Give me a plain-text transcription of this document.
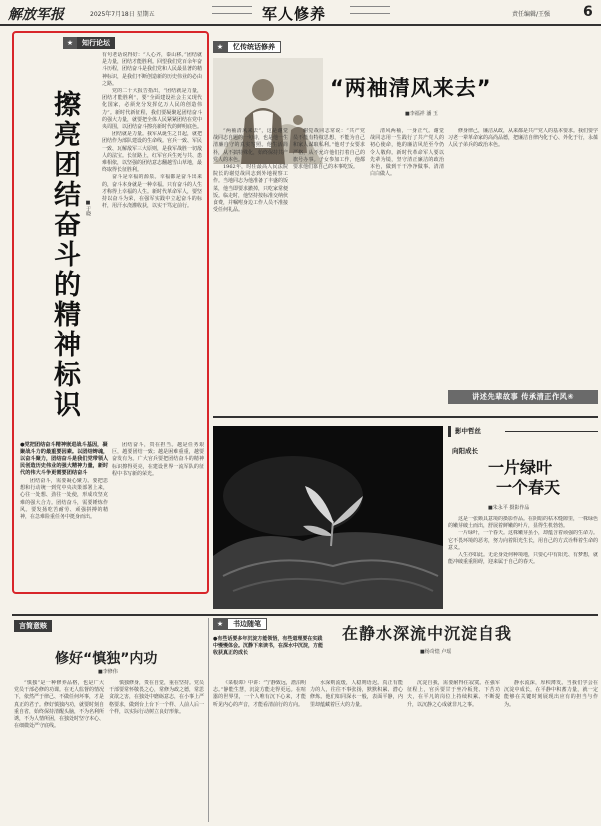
解放军报	2025年7月18日 星期五	军人修养	责任编辑/王强 6
★	知行论坛
擦亮团结奋斗的精神标识 ■于晓
●党把团结奋斗精神嵌进战斗基因，凝聚战斗力的最重要因素。以团结铸魂，以奋斗聚力，团结奋斗是我们党带领人民创造历史伟业的强大精神力量，新时代的伟大斗争更需要团结奋斗

有句老话说得好：“人心齐，泰山移。”团结就是力量，团结才能胜利。回望我们党百余年奋斗历程，团结奋斗是我们党和人民最显著的精神标识，是我们不断创造新的历史伟业的必由之路。

党的二十大报告指出，“团结就是力量，团结才能胜利”，要“全面建设社会主义现代化国家，必须充分发挥亿万人民的创造伟力”。新时代新征程，我们要凝聚起团结奋斗的强大力量，就要把全体人民紧紧团结在党中央周围，以团结奋斗擦亮新时代的鲜明底色。

团结就是力量。我军从诞生之日起，就把团结作为部队建设的生命线。官兵一致、军民一致、瓦解敌军三大原则，是我军战胜一切敌人的法宝。长征路上，红军官兵生死与共、患难相依，以坚强的团结意志翻越雪山草地，最终取得长征胜利。

奋斗是幸福的源泉。幸福都是奋斗出来的，奋斗本身就是一种幸福。只有奋斗的人生才称得上幸福的人生。新时代革命军人，要坚持以奋斗为荣，在强军实践中立起奋斗的标杆，用汗水浇灌收获，以实干笃定前行。

团结奋斗，需要凝心聚力。要把思想和行动统一到党中央决策部署上来，心往一处想、劲往一处使，形成攻坚克难的强大合力。团结奋斗，需要锤炼作风。要发扬吃苦耐劳、顽强拼搏的精神，在急难险重任务中挺身而出。

团结奋斗，贵在担当。越是任务艰巨，越要团结一致；越是困难重重，越要奋发有为。广大官兵要把团结奋斗的精神标识擦得更亮，在建设世界一流军队的征程中书写新的荣光。

★	忆传统话修养
“两袖清风来去”
■李福祥 潘 玉

“两袖清风来去”，这是谢觉哉同志自题的一句诗，也是他一生清廉自守的真实写照。他生活简朴，从不搞特殊化，始终保持共产党人的本色。

1962年，时任最高人民法院院长的谢觉哉同志到外地视察工作。当地同志为他准备了丰盛的饭菜，他当即要求撤掉，只吃家常便饭。临走时，他坚持按标准交纳伙食费，并嘱咐身边工作人员不准接受任何礼品。

谢觉哉同志常说：“共产党员不能有特权思想，不能为自己和家人谋取私利。”他对子女要求严格，从不允许他们打着自己的旗号办事。子女参加工作，他都要求他们靠自己的本事吃饭。

清风两袖，一身正气。谢觉哉同志用一生践行了共产党人的初心使命，他的廉洁风范至今仍令人敬仰。新时代革命军人要以先辈为镜，坚守清正廉洁的政治本色，做到干干净净做事、清清白白做人。

修身律己，廉洁从政，从来都是共产党人的基本要求。我们要学习老一辈革命家的高尚品德，把廉洁自律内化于心、外化于行，永葆人民子弟兵的政治本色。

讲述先辈故事 传承清正作风④
影中哲丝
向阳成长
一片绿叶
一个春天
■朱永平 摄影作品

这是一张颇具意境的摄影作品。在阴暗的枯木缝隙里，一株绿色的嫩芽破土而出，舒展着鲜嫩的叶片，显得生机勃勃。

一片绿叶，一个春天。这株嫩芽虽小，却蕴含着顽强的生命力。它不畏环境的恶劣，努力向着阳光生长，用自己的方式诠释着生命的意义。

人生亦如此。无论身处何种境地，只要心中有阳光、有梦想，就能冲破重重阻碍，迎来属于自己的春天。

言简意赅
修好“慎独”内功
■李修伟

“慎独”是一种修养品格，也是广大党员干部必修的功课。在无人监督的情况下，依然严于律己、不做任何坏事，才是真正的君子。修好慎独内功，就要时刻自重自省，始终保持清醒头脑，不为名利所诱，不为人情所困，在独处时坚守本心、在细微处严守底线。

慎独修身，贵在自觉，重在坚持。党员干部要常怀敬畏之心，常修为政之德，常思贪欲之害，在独处中磨砺意志，在小事上严格要求，做到台上台下一个样、人前人后一个样，以实际行动树立良好形象。

★	书边随笔
●有些话要多年沉淀方能领悟，有些道理要在实践中慢慢体会。沉静下来读书，在深水中沉淀，方能收获真正的成长
在静水深流中沉淀自我
■杨奇煌 卢瑶

《菜根谭》中讲：“宁静致远，澹泊明志。”静能生慧，沉淀方能走得更远。在喧嚣的世界里，一个人唯有沉下心来，才能听见内心的声音，才能看清前行的方向。

水深则流缓，人稳则语迟。真正有能力的人，往往不事张扬，默默积累、潜心修炼。他们如同深水一般，表面平静，内里却蕴藏着巨大的力量。

沉淀自我，需要耐得住寂寞。在强军征程上，官兵要甘于坐冷板凳、下苦功夫，在平凡的岗位上持续积累、不断提升，以沉静之心成就非凡之事。

静水流深，厚积薄发。当我们学会在沉淀中成长，在平静中积蓄力量，就一定能够在关键时刻展现出应有的担当与作为。
